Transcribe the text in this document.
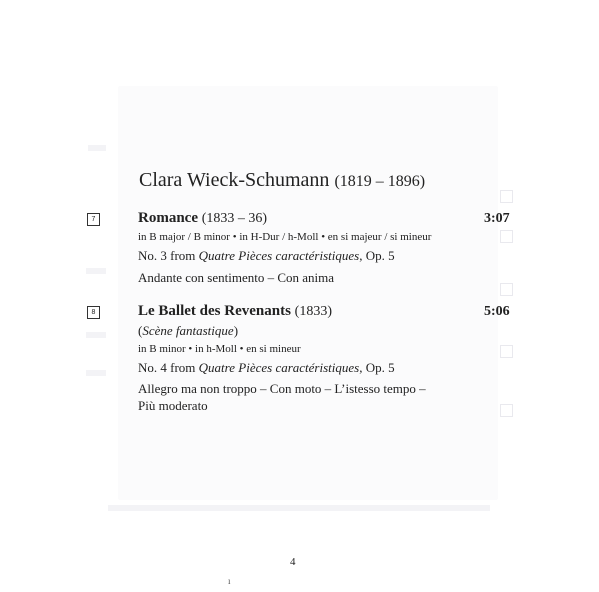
Clara Wieck-Schumann (1819 – 1896)
7	Romance (1833 – 36)	3:07
in B major / B minor • in H-Dur / h-Moll • en si majeur / si mineur
No. 3 from Quatre Pièces caractéristiques, Op. 5
Andante con sentimento – Con anima
8	Le Ballet des Revenants (1833)	5:06
(Scène fantastique)
in B minor • in h-Moll • en si mineur
No. 4 from Quatre Pièces caractéristiques, Op. 5
Allegro ma non troppo – Con moto – L’istesso tempo –
Più moderato
4
ı
